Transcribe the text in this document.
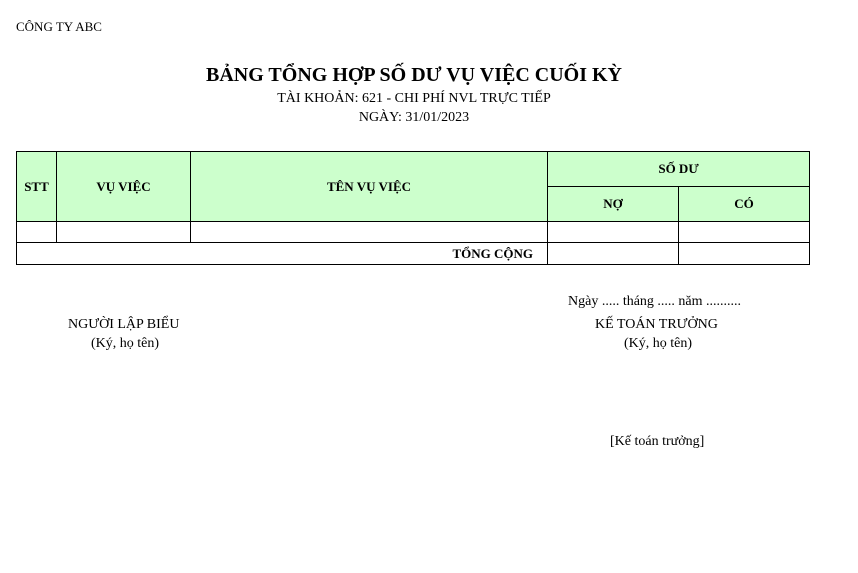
CÔNG TY ABC
BẢNG TỔNG HỢP SỐ DƯ VỤ VIỆC CUỐI KỲ
TÀI KHOẢN: 621 - CHI PHÍ NVL TRỰC TIẾP
NGÀY: 31/01/2023
STT	VỤ VIỆC	TÊN VỤ VIỆC	SỐ DƯ	
			NỢ	CÓ

TỔNG CỘNG				
Ngày ..... tháng ..... năm ..........
NGƯỜI LẬP BIỂU
(Ký, họ tên)
KẾ TOÁN TRƯỞNG
(Ký, họ tên)
[Kế toán trưởng]
